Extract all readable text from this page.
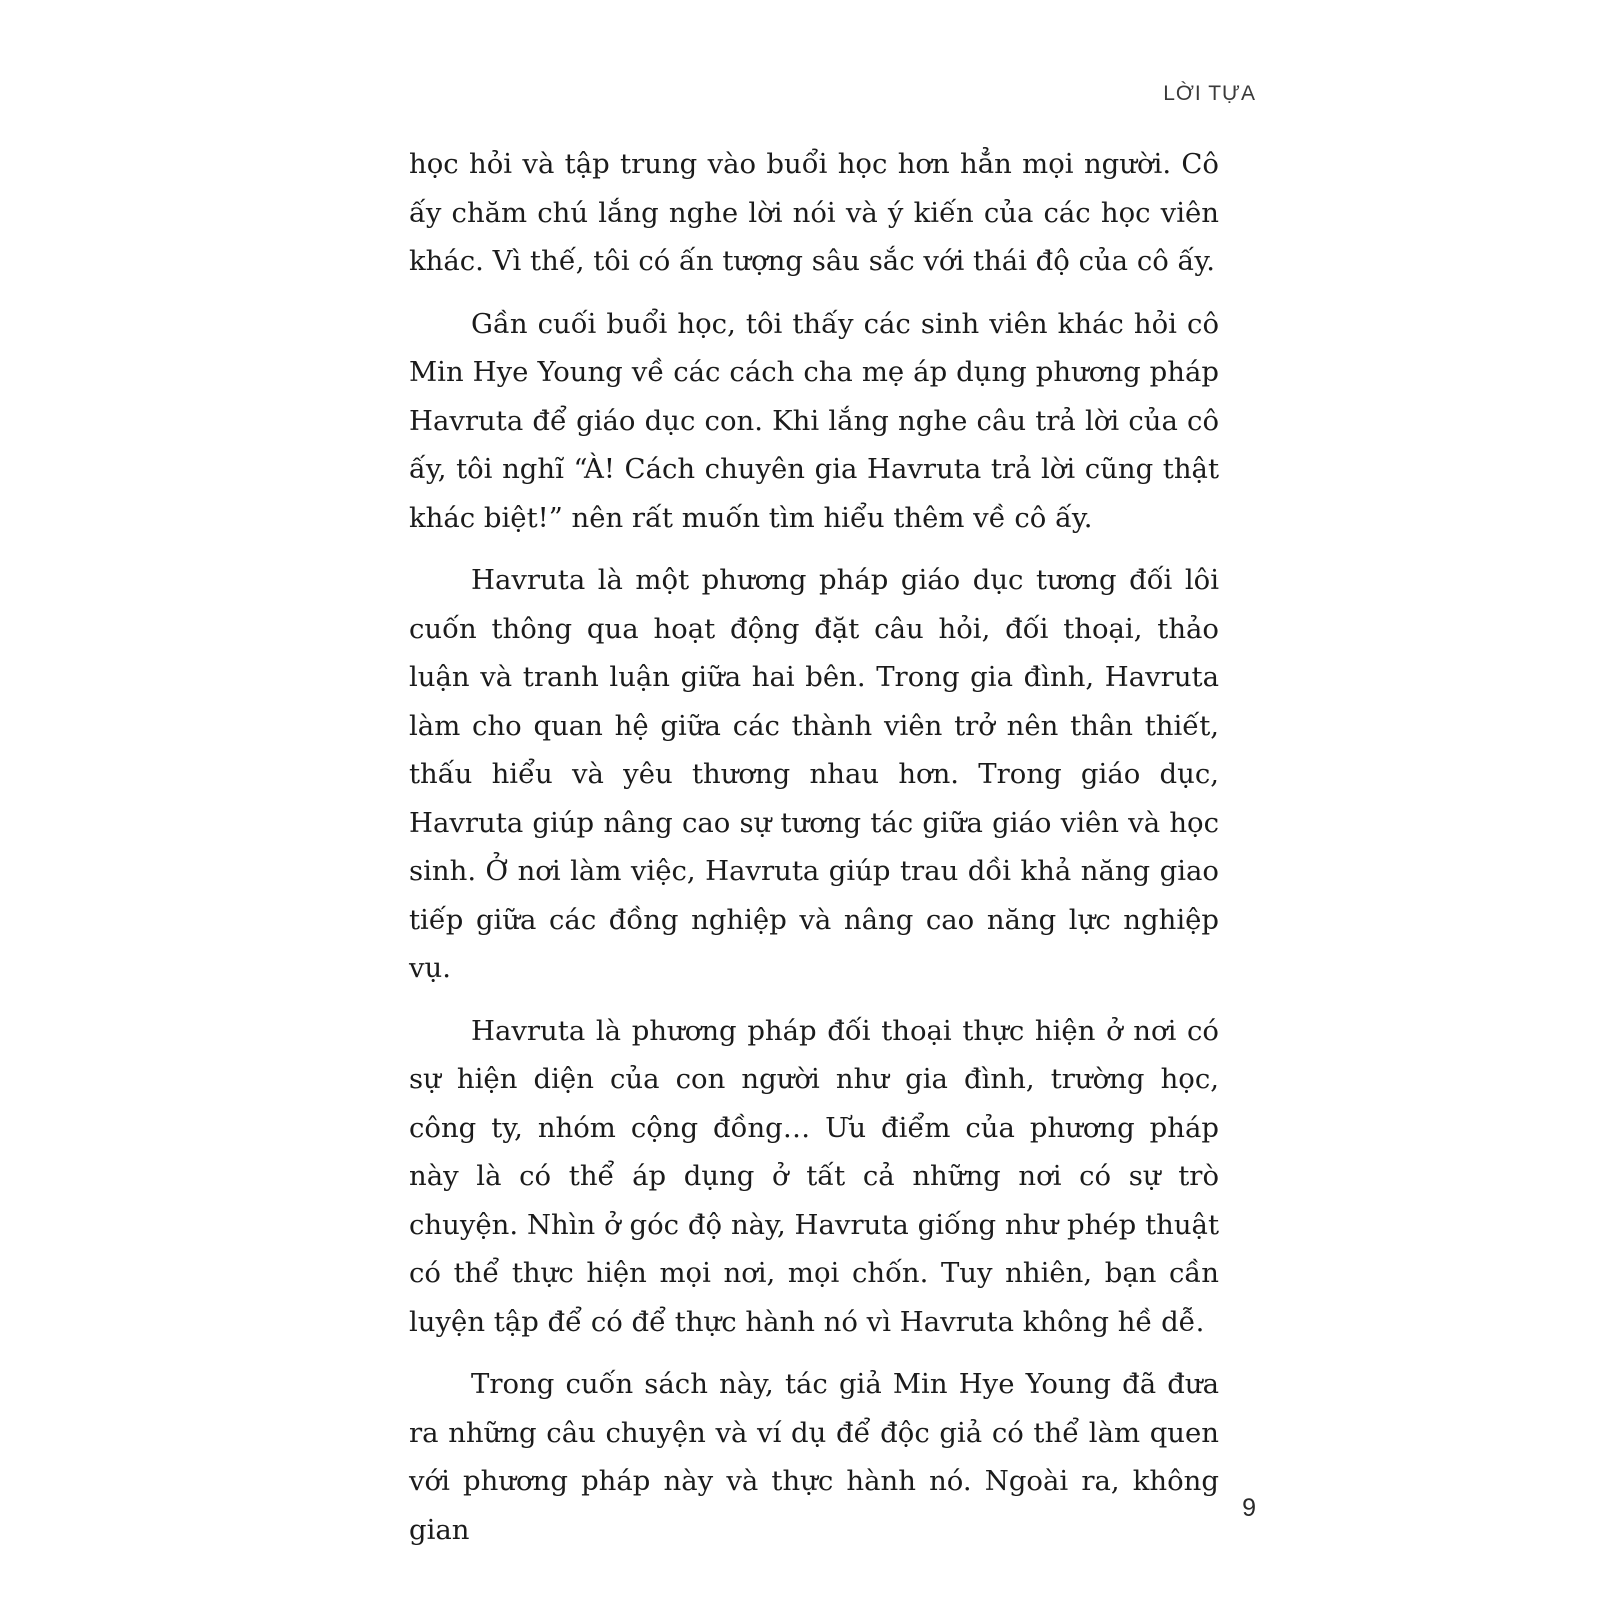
LỜI TỰA

học hỏi và tập trung vào buổi học hơn hẳn mọi người. Cô ấy chăm chú lắng nghe lời nói và ý kiến của các học viên khác. Vì thế, tôi có ấn tượng sâu sắc với thái độ của cô ấy.

Gần cuối buổi học, tôi thấy các sinh viên khác hỏi cô Min Hye Young về các cách cha mẹ áp dụng phương pháp Havruta để giáo dục con. Khi lắng nghe câu trả lời của cô ấy, tôi nghĩ “À! Cách chuyên gia Havruta trả lời cũng thật khác biệt!” nên rất muốn tìm hiểu thêm về cô ấy.

Havruta là một phương pháp giáo dục tương đối lôi cuốn thông qua hoạt động đặt câu hỏi, đối thoại, thảo luận và tranh luận giữa hai bên. Trong gia đình, Havruta làm cho quan hệ giữa các thành viên trở nên thân thiết, thấu hiểu và yêu thương nhau hơn. Trong giáo dục, Havruta giúp nâng cao sự tương tác giữa giáo viên và học sinh. Ở nơi làm việc, Havruta giúp trau dồi khả năng giao tiếp giữa các đồng nghiệp và nâng cao năng lực nghiệp vụ.

Havruta là phương pháp đối thoại thực hiện ở nơi có sự hiện diện của con người như gia đình, trường học, công ty, nhóm cộng đồng… Ưu điểm của phương pháp này là có thể áp dụng ở tất cả những nơi có sự trò chuyện. Nhìn ở góc độ này, Havruta giống như phép thuật có thể thực hiện mọi nơi, mọi chốn. Tuy nhiên, bạn cần luyện tập để có để thực hành nó vì Havruta không hề dễ.

Trong cuốn sách này, tác giả Min Hye Young đã đưa ra những câu chuyện và ví dụ để độc giả có thể làm quen với phương pháp này và thực hành nó. Ngoài ra, không gian

9
